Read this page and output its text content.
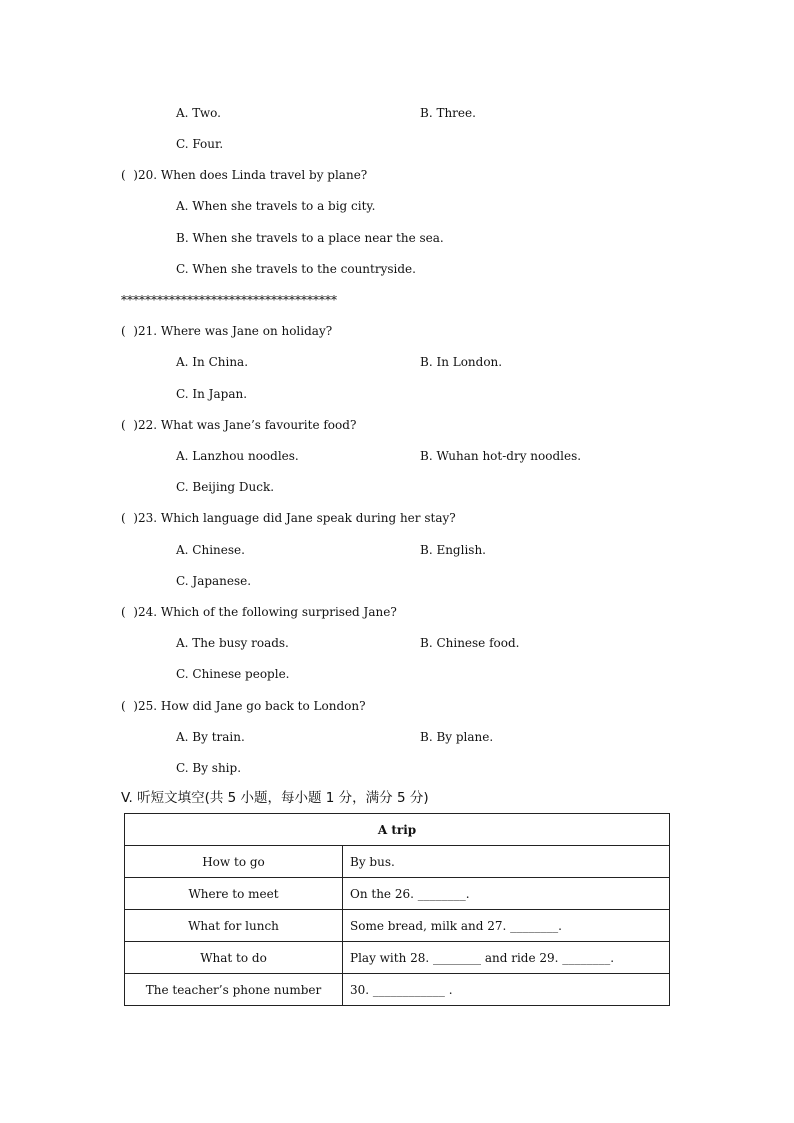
A. Two.	B. Three.
C. Four.
(  )20. When does Linda travel by plane?
A. When she travels to a big city.
B. When she travels to a place near the sea.
C. When she travels to the countryside.
************************************
(  )21. Where was Jane on holiday?
A. In China.	B. In London.
C. In Japan.
(  )22. What was Jane’s favourite food?
A. Lanzhou noodles.	B. Wuhan hot-dry noodles.
C. Beijing Duck.
(  )23. Which language did Jane speak during her stay?
A. Chinese.	B. English.
C. Japanese.
(  )24. Which of the following surprised Jane?
A. The busy roads.	B. Chinese food.
C. Chinese people.
(  )25. How did Jane go back to London?
A. By train.	B. By plane.
C. By ship.
V. 听短文填空(共 5 小题，每小题 1 分，满分 5 分)
A trip	
How to go	By bus.
Where to meet	On the 26. ________.
What for lunch	Some bread, milk and 27. ________.
What to do	Play with 28. ________ and ride 29. ________.
The teacher’s phone number	30. ____________ .
